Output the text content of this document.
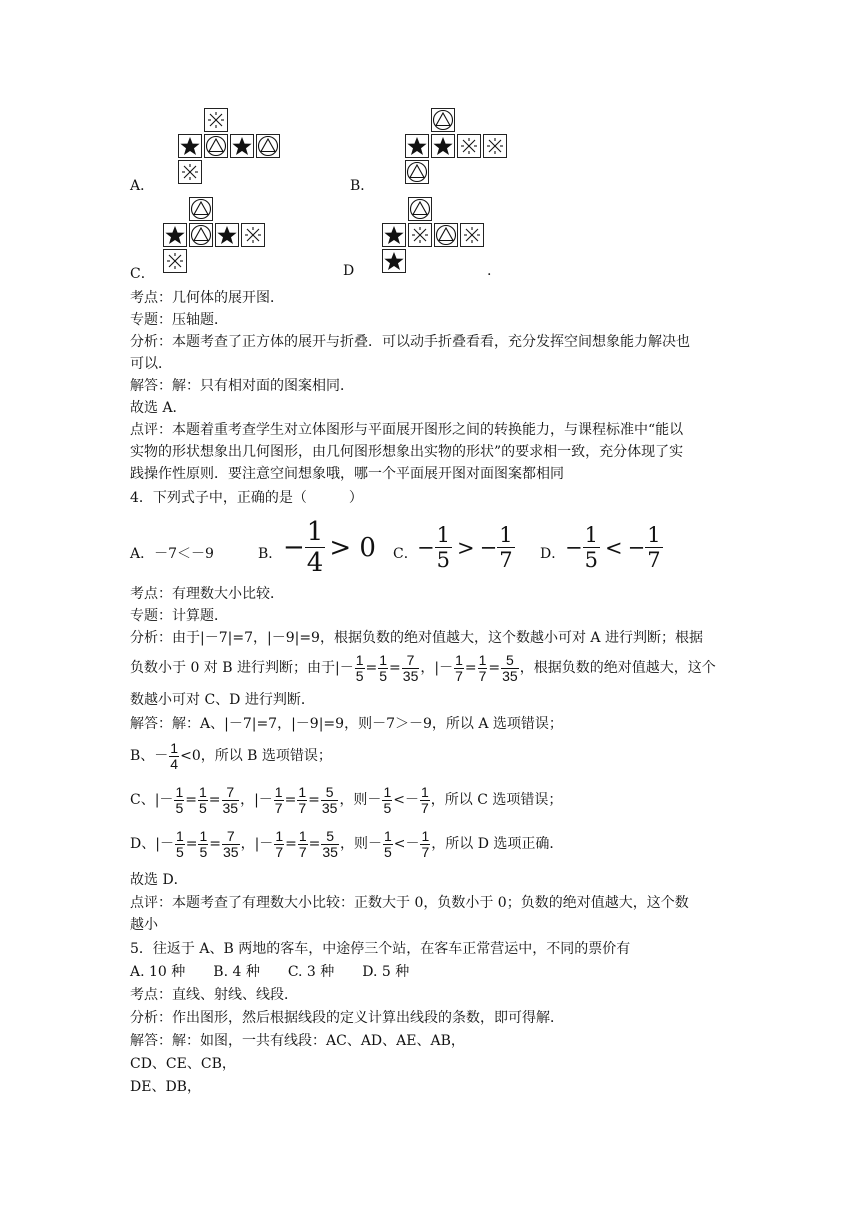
A．	B．
C．	D	.
考点：几何体的展开图．
专题：压轴题．
分析：本题考查了正方体的展开与折叠．可以动手折叠看看，充分发挥空间想象能力解决也
可以．
解答：解：只有相对面的图案相同．
故选 A．
点评：本题着重考查学生对立体图形与平面展开图形之间的转换能力，与课程标准中“能以
实物的形状想象出几何图形，由几何图形想象出实物的形状”的要求相一致，充分体现了实
践操作性原则．要注意空间想象哦，哪一个平面展开图对面图案都相同
4．下列式子中，正确的是（　　　）
A．－7＜－9	B． − $\frac{1}{4} > 0$ C． − $\frac{1}{5}$ > − $\frac{1}{7}$ D． − $\frac{1}{5}$ < − $\frac{1}{7}$
考点：有理数大小比较．
专题：计算题．
分析：由于|－7|=7，|－9|=9，根据负数的绝对值越大，这个数越小可对 A 进行判断；根据
负数小于 0 对 B 进行判断；由于|－ $\frac{1}{5} = \frac{1}{5} = \frac{7}{35}$ ，|－ $\frac{1}{7} = \frac{1}{7} = \frac{5}{35}$ ，根据负数的绝对值越大，这个
数越小可对 C、D 进行判断．
解答：解：A、|－7|=7，|－9|=9，则－7＞－9，所以 A 选项错误；
B、－ $\frac{1}{4} <0$，所以 B 选项错误；
C、|－ $\frac{1}{5} = \frac{1}{5} = \frac{7}{35}$ ，|－ $\frac{1}{7} = \frac{1}{7} = \frac{5}{35}$ ，则－ $\frac{1}{5} <- \frac{1}{7}$ ，所以 C 选项错误；
D、|－ $\frac{1}{5} = \frac{1}{5} = \frac{7}{35}$ ，|－ $\frac{1}{7} = \frac{1}{7} = \frac{5}{35}$ ，则－ $\frac{1}{5} <- \frac{1}{7}$ ，所以 D 选项正确．
故选 D．
点评：本题考查了有理数大小比较：正数大于 0，负数小于 0；负数的绝对值越大，这个数
越小
5．往返于 A、B 两地的客车，中途停三个站，在客车正常营运中，不同的票价有
A. 10 种　　B. 4 种　　C. 3 种　　D. 5 种
考点：直线、射线、线段．
分析：作出图形，然后根据线段的定义计算出线段的条数，即可得解．
解答：解：如图，一共有线段：AC、AD、AE、AB，
CD、CE、CB，
DE、DB，
